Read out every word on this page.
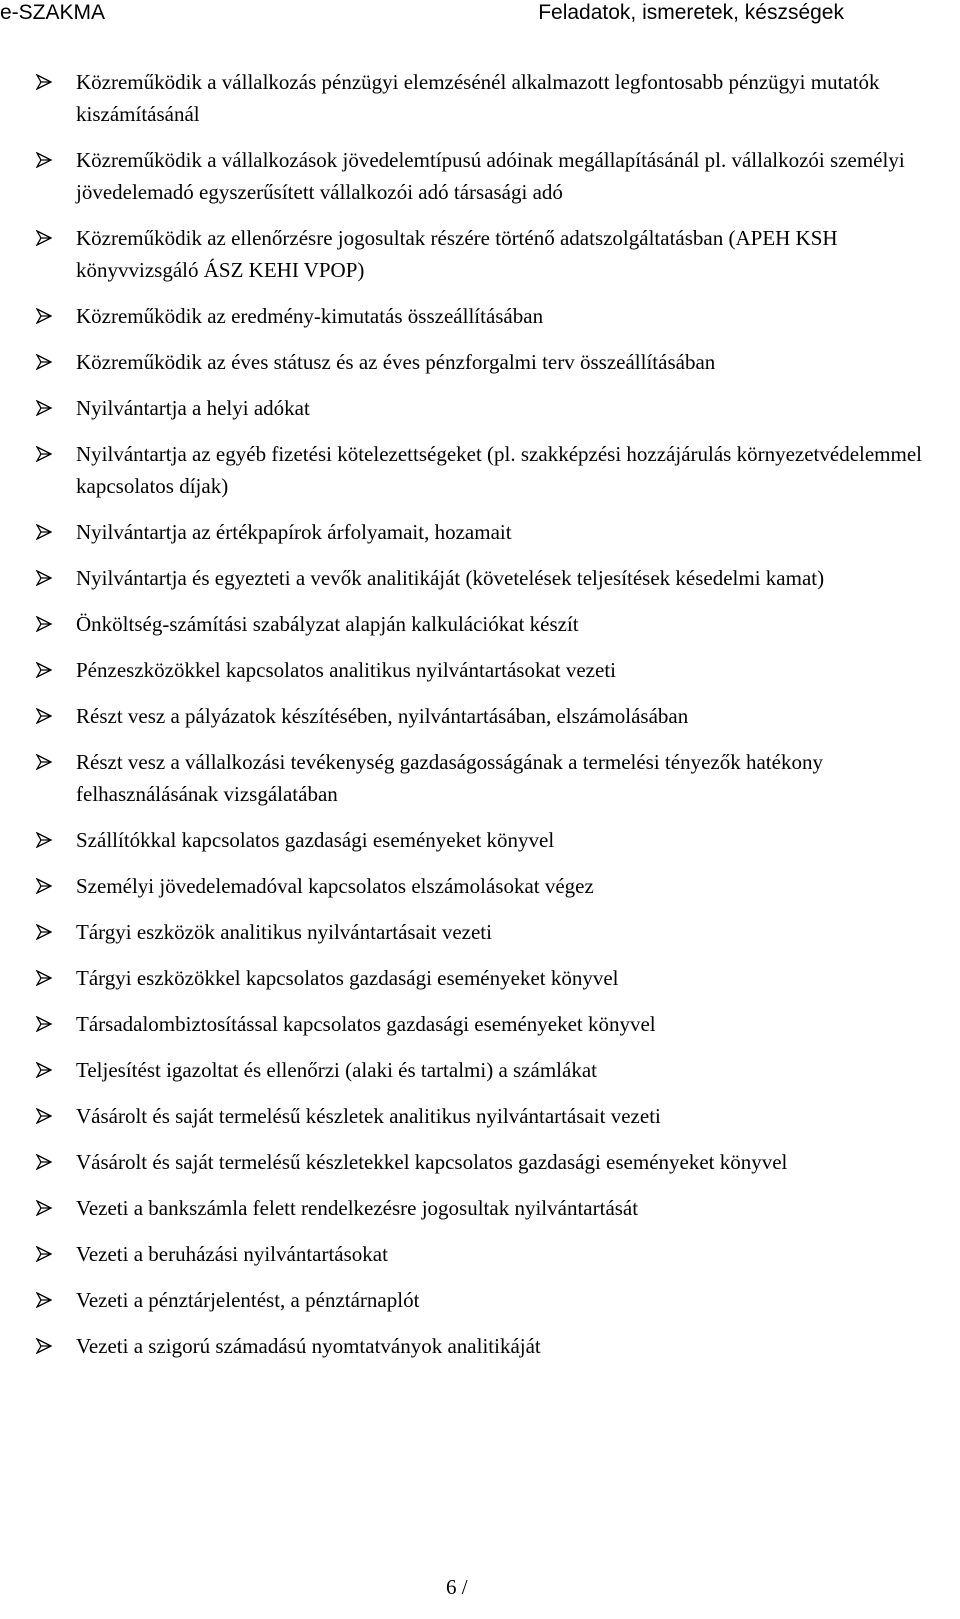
e-SZAKMA	Feladatok, ismeretek, készségek
Közreműködik a vállalkozás pénzügyi elemzésénél alkalmazott legfontosabb pénzügyi mutatók kiszámításánál
Közreműködik a vállalkozások jövedelemtípusú adóinak megállapításánál pl. vállalkozói személyi jövedelemadó egyszerűsített vállalkozói adó társasági adó
Közreműködik az ellenőrzésre jogosultak részére történő adatszolgáltatásban (APEH KSH könyvvizsgáló ÁSZ KEHI VPOP)
Közreműködik az eredmény-kimutatás összeállításában
Közreműködik az éves státusz és az éves pénzforgalmi terv összeállításában
Nyilvántartja a helyi adókat
Nyilvántartja az egyéb fizetési kötelezettségeket (pl. szakképzési hozzájárulás környezetvédelemmel kapcsolatos díjak)
Nyilvántartja az értékpapírok árfolyamait, hozamait
Nyilvántartja és egyezteti a vevők analitikáját (követelések teljesítések késedelmi kamat)
Önköltség-számítási szabályzat alapján kalkulációkat készít
Pénzeszközökkel kapcsolatos analitikus nyilvántartásokat vezeti
Részt vesz a pályázatok készítésében, nyilvántartásában, elszámolásában
Részt vesz a vállalkozási tevékenység gazdaságosságának a termelési tényezők hatékony felhasználásának vizsgálatában
Szállítókkal kapcsolatos gazdasági eseményeket könyvel
Személyi jövedelemadóval kapcsolatos elszámolásokat végez
Tárgyi eszközök analitikus nyilvántartásait vezeti
Tárgyi eszközökkel kapcsolatos gazdasági eseményeket könyvel
Társadalombiztosítással kapcsolatos gazdasági eseményeket könyvel
Teljesítést igazoltat és ellenőrzi (alaki és tartalmi) a számlákat
Vásárolt és saját termelésű készletek analitikus nyilvántartásait vezeti
Vásárolt és saját termelésű készletekkel kapcsolatos gazdasági eseményeket könyvel
Vezeti a bankszámla felett rendelkezésre jogosultak nyilvántartását
Vezeti a beruházási nyilvántartásokat
Vezeti a pénztárjelentést, a pénztárnaplót
Vezeti a szigorú számadású nyomtatványok analitikáját
6 /
